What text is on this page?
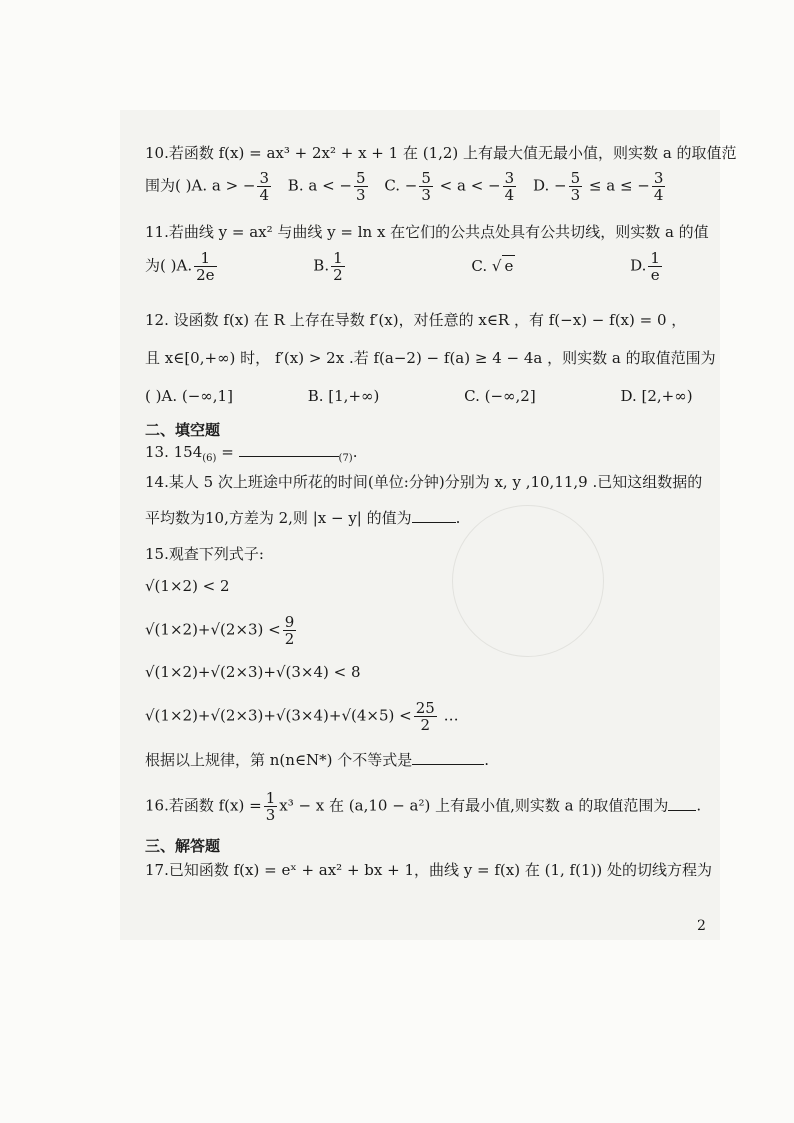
10.若函数 f(x) = ax³ + 2x² + x + 1 在 (1,2) 上有最大值无最小值，则实数 a 的取值范
围为( )A. a > − $\frac{3}{4} B$. a < − $\frac{5}{3} C$. − $\frac{5}{3} < a$ < − $\frac{3}{4} D$. − $\frac{5}{3} \le a$ ≤ − $\frac{3}{4}$
11.若曲线 y = ax² 与曲线 y = ln x 在它们的公共点处具有公共切线，则实数 a 的值
为( )A. $\frac{1}{2e}$	B. $\frac{1}{2}$	C. √ e	D. $\frac{1}{e}$
12. 设函数 f(x) 在 R 上存在导数 f′(x)，对任意的 x∈R ，有 f(−x) − f(x) = 0 ，
且 x∈[0,+∞) 时， f′(x) > 2x .若 f(a−2) − f(a) ≥ 4 − 4a ，则实数 a 的取值范围为
( )A. (−∞,1]	B. [1,+∞)	C. (−∞,2]	D. [2,+∞)
二、填空题
13. $154_{(6)}$ =	$_{(7)}$.
14.某人 5 次上班途中所花的时间(单位:分钟)分别为 x, y ,10,11,9 .已知这组数据的
平均数为10,方差为 2,则 |x − y| 的值为	.
15.观查下列式子:
√(1×2) < 2
$√(1\times 2)+√(2\times 3) < \frac{9}{2}$
√(1×2)+√(2×3)+√(3×4) < 8
$√(1\times 2)+√(2\times 3)+√(3\times 4)+√(4\times 5) < \frac{25}{2}$ …
根据以上规律，第 n(n∈N*) 个不等式是	.
16.若函数 $f(x) = \frac{1}{3} x^3 - x$ 在 (a,10 − a²) 上有最小值,则实数 a 的取值范围为 .
三、解答题
17.已知函数 f(x) = eˣ + ax² + bx + 1，曲线 y = f(x) 在 (1, f(1)) 处的切线方程为
2
